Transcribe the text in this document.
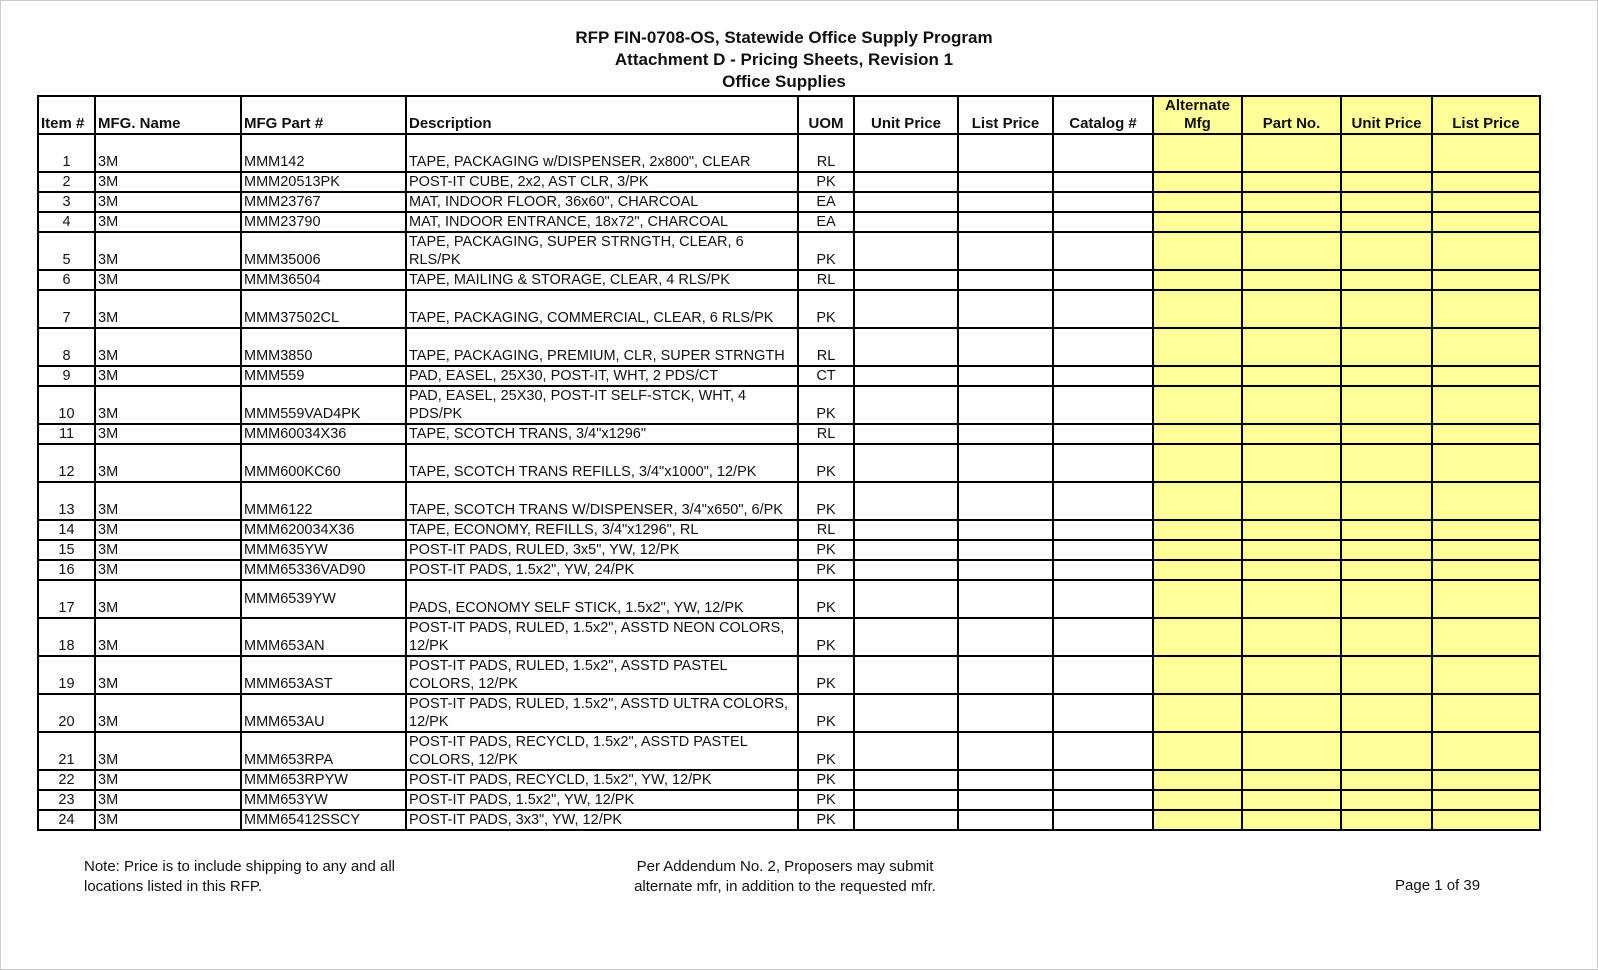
RFP FIN-0708-OS, Statewide Office Supply Program
Attachment D - Pricing Sheets, Revision 1
Office Supplies
Item #	MFG. Name	MFG Part #	Description	UOM	Unit Price	List Price	Catalog #	Alternate Mfg	Part No.	Unit Price	List Price
1	3M	MMM142	TAPE, PACKAGING w/DISPENSER, 2x800", CLEAR	RL							
2	3M	MMM20513PK	POST-IT CUBE, 2x2, AST CLR, 3/PK	PK							
3	3M	MMM23767	MAT, INDOOR FLOOR, 36x60", CHARCOAL	EA							
4	3M	MMM23790	MAT, INDOOR ENTRANCE, 18x72", CHARCOAL	EA							
5	3M	MMM35006	TAPE, PACKAGING, SUPER STRNGTH, CLEAR, 6 RLS/PK	PK							
6	3M	MMM36504	TAPE, MAILING & STORAGE, CLEAR, 4 RLS/PK	RL							
7	3M	MMM37502CL	TAPE, PACKAGING, COMMERCIAL, CLEAR, 6 RLS/PK	PK							
8	3M	MMM3850	TAPE, PACKAGING, PREMIUM, CLR, SUPER STRNGTH	RL							
9	3M	MMM559	PAD, EASEL, 25X30, POST-IT, WHT, 2 PDS/CT	CT							
10	3M	MMM559VAD4PK	PAD, EASEL, 25X30, POST-IT SELF-STCK, WHT, 4 PDS/PK	PK							
11	3M	MMM60034X36	TAPE, SCOTCH TRANS, 3/4"x1296"	RL							
12	3M	MMM600KC60	TAPE, SCOTCH TRANS REFILLS, 3/4"x1000", 12/PK	PK							
13	3M	MMM6122	TAPE, SCOTCH TRANS W/DISPENSER, 3/4"x650", 6/PK	PK							
14	3M	MMM620034X36	TAPE, ECONOMY, REFILLS, 3/4"x1296", RL	RL							
15	3M	MMM635YW	POST-IT PADS, RULED, 3x5", YW, 12/PK	PK							
16	3M	MMM65336VAD90	POST-IT PADS, 1.5x2", YW, 24/PK	PK							
17	3M	MMM6539YW	PADS, ECONOMY SELF STICK, 1.5x2", YW, 12/PK	PK							
18	3M	MMM653AN	POST-IT PADS, RULED, 1.5x2", ASSTD NEON COLORS, 12/PK	PK							
19	3M	MMM653AST	POST-IT PADS, RULED, 1.5x2", ASSTD PASTEL COLORS, 12/PK	PK							
20	3M	MMM653AU	POST-IT PADS, RULED, 1.5x2", ASSTD ULTRA COLORS, 12/PK	PK							
21	3M	MMM653RPA	POST-IT PADS, RECYCLD, 1.5x2", ASSTD PASTEL COLORS, 12/PK	PK							
22	3M	MMM653RPYW	POST-IT PADS, RECYCLD, 1.5x2", YW, 12/PK	PK							
23	3M	MMM653YW	POST-IT PADS, 1.5x2", YW, 12/PK	PK							
24	3M	MMM65412SSCY	POST-IT PADS, 3x3", YW, 12/PK	PK							
Note: Price is to include shipping to any and all
locations listed in this RFP.
Per Addendum No. 2, Proposers may submit
alternate mfr, in addition to the requested mfr.	Page 1 of 39
